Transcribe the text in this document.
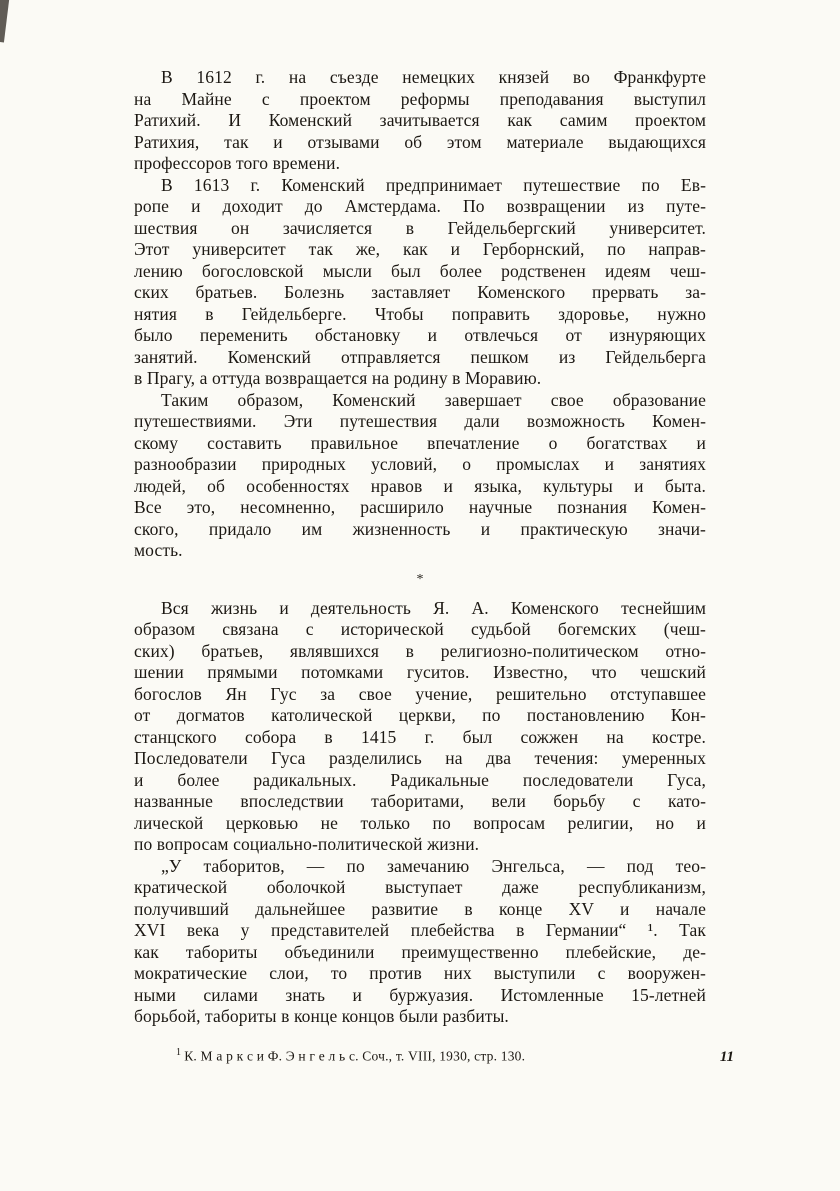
В 1612 г. на съезде немецких князей во Франкфурте
на Майне с проектом реформы преподавания выступил
Ратихий. И Коменский зачитывается как самим проектом
Ратихия, так и отзывами об этом материале выдающихся
профессоров того времени.
В 1613 г. Коменский предпринимает путешествие по Ев-
ропе и доходит до Амстердама. По возвращении из путе-
шествия он зачисляется в Гейдельбергский университет.
Этот университет так же, как и Герборнский, по направ-
лению богословской мысли был более родственен идеям чеш-
ских братьев. Болезнь заставляет Коменского прервать за-
нятия в Гейдельберге. Чтобы поправить здоровье, нужно
было переменить обстановку и отвлечься от изнуряющих
занятий. Коменский отправляется пешком из Гейдельберга
в Прагу, а оттуда возвращается на родину в Моравию.
Таким образом, Коменский завершает свое образование
путешествиями. Эти путешествия дали возможность Комен-
скому составить правильное впечатление о богатствах и
разнообразии природных условий, о промыслах и занятиях
людей, об особенностях нравов и языка, культуры и быта.
Все это, несомненно, расширило научные познания Комен-
ского, придало им жизненность и практическую значи-
мость.
*
Вся жизнь и деятельность Я. А. Коменского теснейшим
образом связана с исторической судьбой богемских (чеш-
ских) братьев, являвшихся в религиозно-политическом отно-
шении прямыми потомками гуситов. Известно, что чешский
богослов Ян Гус за свое учение, решительно отступавшее
от догматов католической церкви, по постановлению Кон-
станцского собора в 1415 г. был сожжен на костре.
Последователи Гуса разделились на два течения: умеренных
и более радикальных. Радикальные последователи Гуса,
названные впоследствии таборитами, вели борьбу с като-
лической церковью не только по вопросам религии, но и
по вопросам социально-политической жизни.
„У таборитов, — по замечанию Энгельса, — под тео-
кратической оболочкой выступает даже республиканизм,
получивший дальнейшее развитие в конце XV и начале
XVI века у представителей плебейства в Германии“ ¹. Так
как табориты объединили преимущественно плебейские, де-
мократические слои, то против них выступили с вооружен-
ными силами знать и буржуазия. Истомленные 15-летней
борьбой, табориты в конце концов были разбиты.
$^1$ К. М а р к с и Ф. Э н г е л ь с. Соч., т. VIII, 1930, стр. 130.	11
